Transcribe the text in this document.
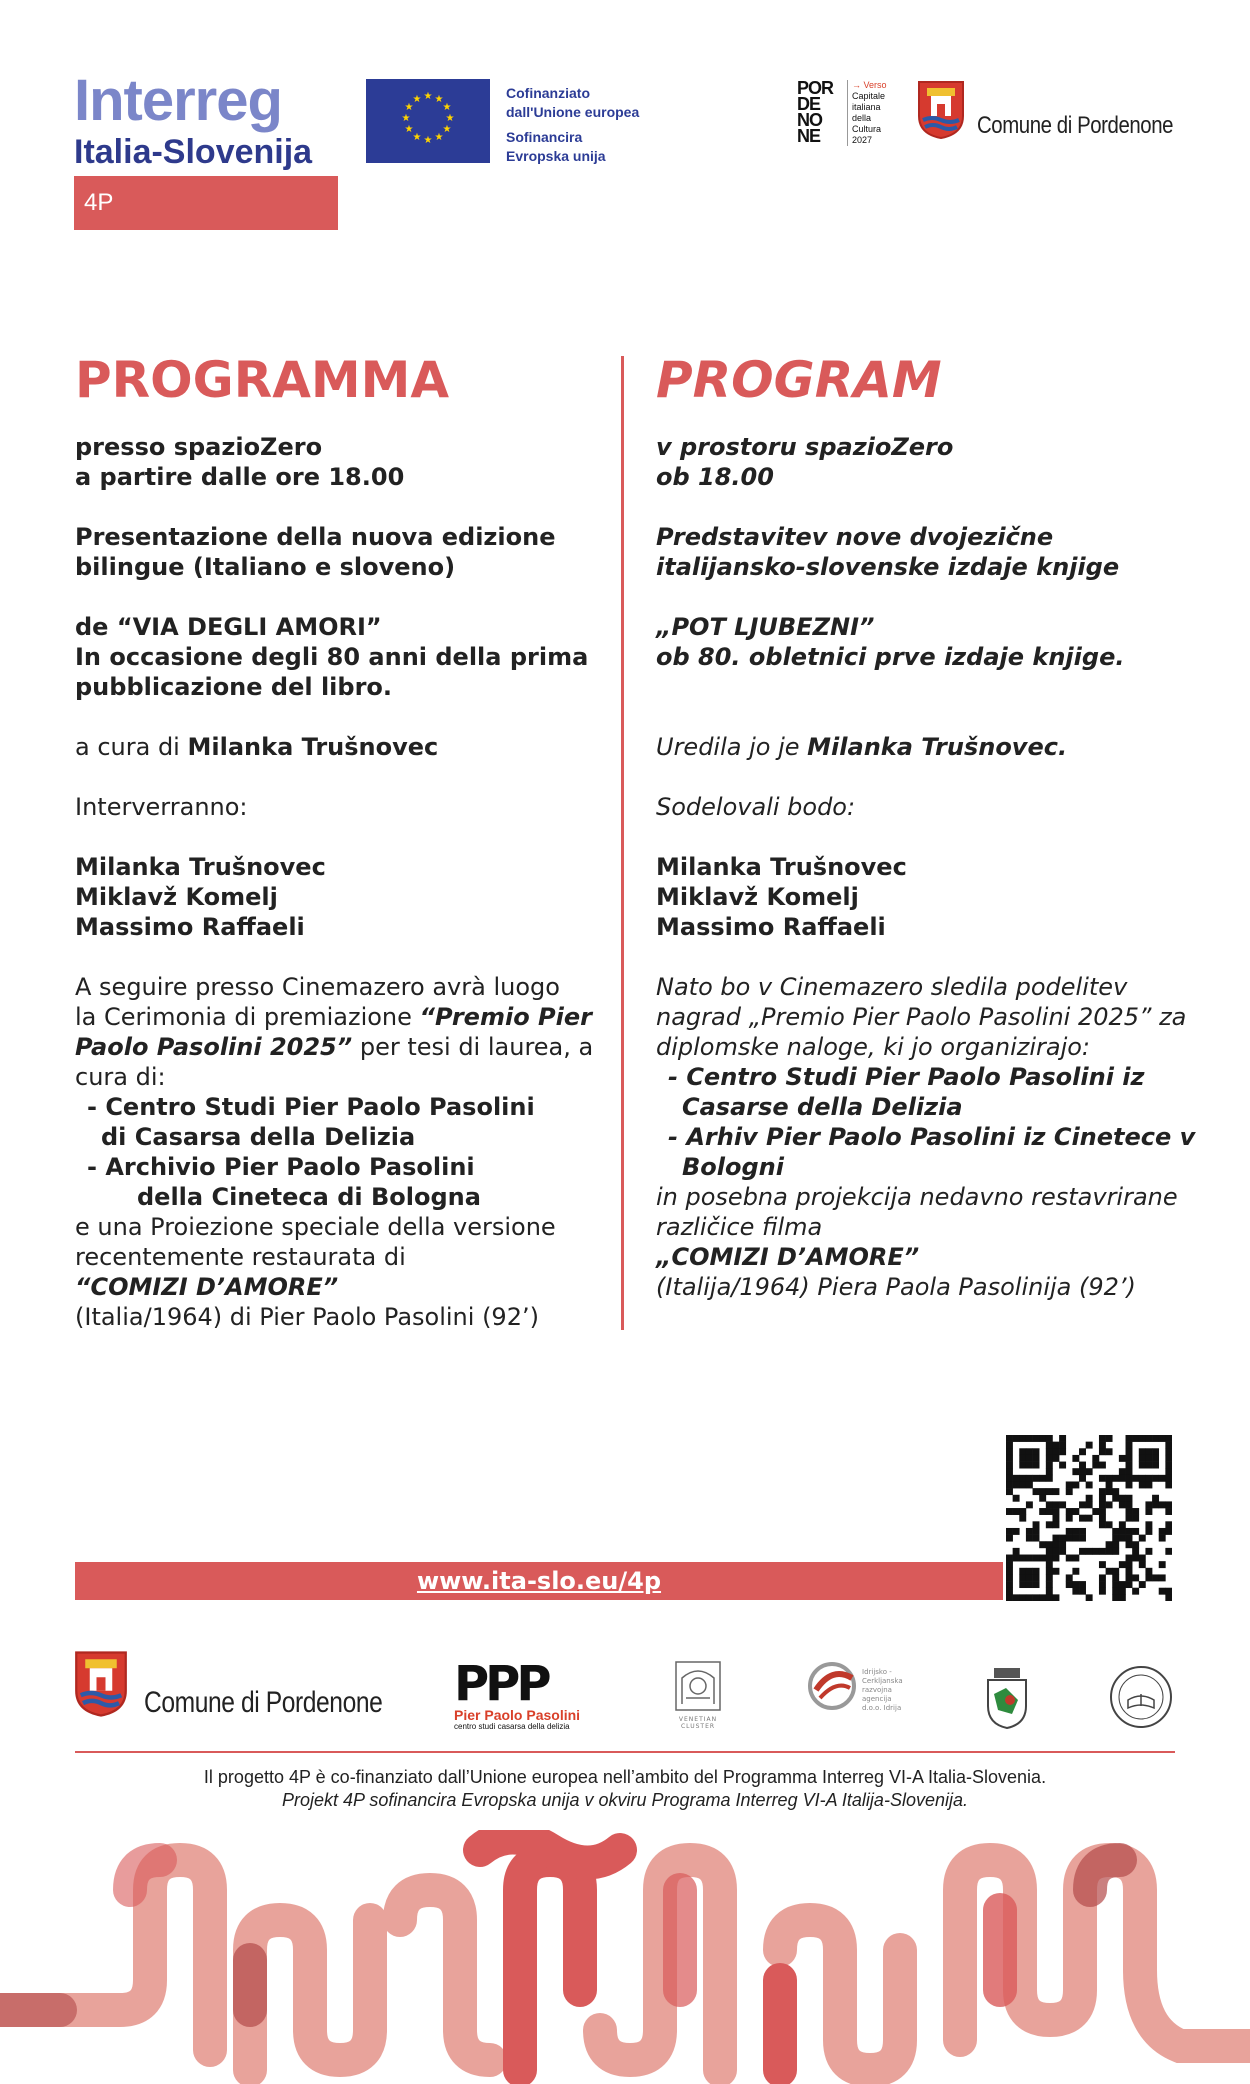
Interreg
Italia-Slovenija
4P
★ ★
★
★
★
★
★
★
★
★
★
★	Cofinanziato
dall'Unione europea
Sofinancira
Evropska unija
POR
DE
NO
NE
→ Verso
Capitale
italiana
della
Cultura
2027
Comune di Pordenone
PROGRAMMA

presso spazioZero
a partire dalle ore 18.00

Presentazione della nuova edizione
bilingue (Italiano e sloveno)

de “VIA DEGLI AMORI”
In occasione degli 80 anni della prima
pubblicazione del libro.

a cura di Milanka Trušnovec

Interverranno:

Milanka Trušnovec
Miklavž Komelj
Massimo Raffaeli

A seguire presso Cinemazero avrà luogo
la Cerimonia di premiazione “Premio Pier
Paolo Pasolini 2025” per tesi di laurea, a
cura di:
- Centro Studi Pier Paolo Pasolini
di Casarsa della Delizia
- Archivio Pier Paolo Pasolini
della Cineteca di Bologna
e una Proiezione speciale della versione
recentemente restaurata di
“COMIZI D’AMORE”
(Italia/1964) di Pier Paolo Pasolini (92’)
PROGRAM

v prostoru spazioZero
ob 18.00

Predstavitev nove dvojezične
italijansko-slovenske izdaje knjige

„POT LJUBEZNI”
ob 80. obletnici prve izdaje knjige.

Uredila jo je Milanka Trušnovec.

Sodelovali bodo:

Milanka Trušnovec
Miklavž Komelj
Massimo Raffaeli

Nato bo v Cinemazero sledila podelitev
nagrad „Premio Pier Paolo Pasolini 2025” za
diplomske naloge, ki jo organizirajo:
- Centro Studi Pier Paolo Pasolini iz
Casarse della Delizia
- Arhiv Pier Paolo Pasolini iz Cinetece v
Bologni
in posebna projekcija nedavno restavrirane
različice filma
„COMIZI D’AMORE”
(Italija/1964) Piera Paola Pasolinija (92’)
www.ita-slo.eu/4p
Comune di Pordenone PPP
Pier Paolo Pasolini
centro studi casarsa della delizia
VENETIAN CLUSTER
Idrijsko -
Cerkljanska
razvojna
agencija
d.o.o. Idrija
Il progetto 4P è co-finanziato dall’Unione europea nell’ambito del Programma Interreg VI-A Italia-Slovenia.
Projekt 4P sofinancira Evropska unija v okviru Programa Interreg VI-A Italija-Slovenija.
